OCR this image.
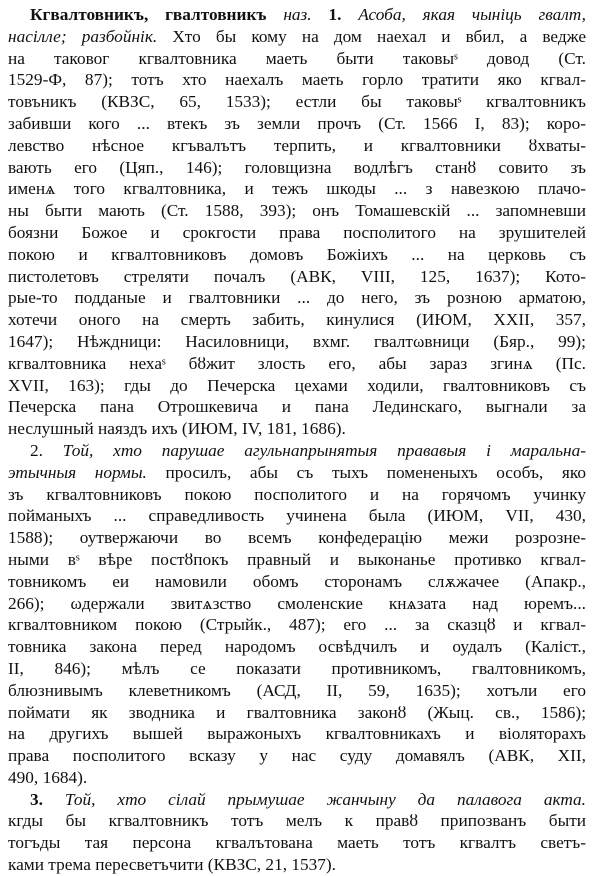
Кгвалтовникъ, гвалтовникъ наз. 1. Асоба, якая чыніць гвалт,
насілле; разбойнік. Хто бы кому на дом наехал и вбил, а ведже
на таковог кгвалтовника маеть быти таковыˢ довод (Ст.
1529-Ф, 87); тотъ хто наехалъ маеть горло тратити яко кгвал-
товъникъ (КВЗС, 65, 1533); естли бы таковыˢ кгвалтовникъ
забивши кого ... втекъ зъ земли прочъ (Ст. 1566 I, 83); коро-
левство нѣсное кгъвалътъ терпить, и кгвалтовники ȣхваты-
вають его (Цяп., 146); головщизна водлѣгъ станȣ совито зъ
именѧ того кгвалтовника, и тежъ шкоды ... з навезкою плачо-
ны быти мають (Ст. 1588, 393); онъ Томашевскій ... запомневши
боязни Божое и срокгости права посполитого на зрушителей
покою и кгвалтовниковъ домовъ Божіихъ ... на церковь съ
пистолетовъ стреляти почалъ (АВК, VIII, 125, 1637); Кото-
рые-то подданые и гвалтовники ... до него, зъ розною арматою,
хотечи оного на смерть забить, кинулися (ИЮМ, XXII, 357,
1647); Нѣждници: Насиловници, вхмг. гвалтωвници (Бяр., 99);
кгвалтовника нехаˢ бȣжит злость его, абы зараз згинѧ (Пс.
XVII, 163); гды до Печерска цехами ходили, гвалтовниковъ съ
Печерска пана Отрошкевича и пана Лединскаго, выгнали за
неслушный наяздъ ихъ (ИЮМ, IV, 181, 1686).
2. Той, хто парушае агульнапрынятыя прававыя і маральна-
этычныя нормы. просилъ, абы съ тыхъ помененыхъ особъ, яко
зъ кгвалтовниковъ покою посполитого и на горячомъ учинку
пойманыхъ ... справедливость учинена была (ИЮМ, VII, 430,
1588); оутвержаючи во всемъ конфедерацію межи розрозне-
ными вˢ вѣре постȣпокъ правный и выконанье противко кгвал-
товникомъ еи намовили обомъ сторонамъ слѫжачее (Апакр.,
266); ωдержали звитѧзство смоленские кнѧзата над юремъ...
кгвалтовником покою (Стрыйк., 487); его ... за сказцȣ и кгвал-
товника закона перед народомъ освѣдчилъ и оудалъ (Каліст.,
II, 846); мѣлъ се показати противникомъ, гвалтовникомъ,
блюзнивымъ клеветникомъ (АСД, II, 59, 1635); хотъли его
поймати як зводника и гвалтовника законȣ (Жыц. св., 1586);
на другихъ вышей выражоныхъ кгвалтовникахъ и віоляторахъ
права посполитого всказу у нас суду домавялъ (АВК, XII,
490, 1684).
3. Той, хто сілай прымушае жанчыну да палавога акта.
кгды бы кгвалтовникъ тотъ мелъ к правȣ припозванъ быти
тогъды тая персона кгвалътована маеть тотъ кгвалтъ светъ-
ками трема пересветъчити (КВЗС, 21, 1537).
